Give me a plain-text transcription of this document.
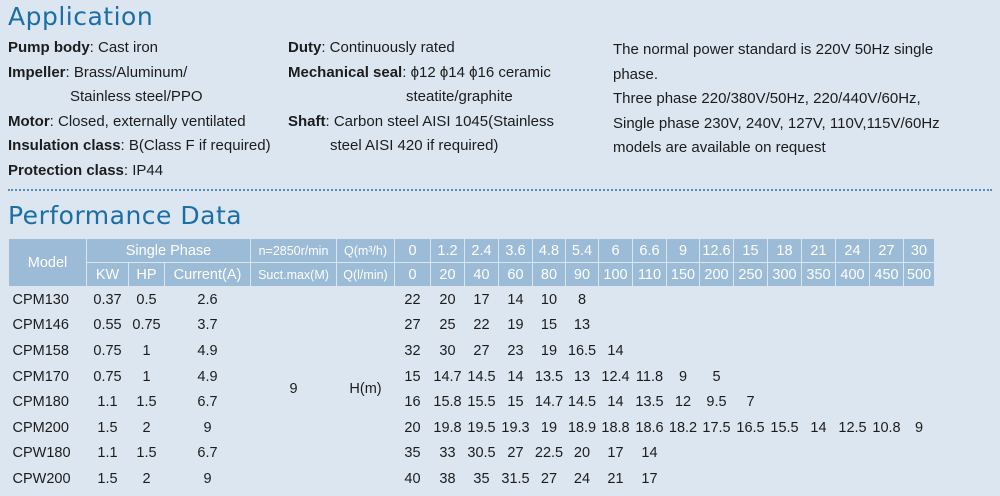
Application
Pump body: Cast iron
Impeller: Brass/Aluminum/
Stainless steel/PPO
Motor: Closed, externally ventilated
Insulation class: B(Class F if required)
Protection class: IP44
Duty: Continuously rated
Mechanical seal: ϕ12 ϕ14 ϕ16 ceramic
steatite/graphite
Shaft: Carbon steel AISI 1045(Stainless
steel AISI 420 if required)
The normal power standard is 220V 50Hz single
phase.
Three phase 220/380V/50Hz, 220/440V/60Hz,
Single phase 230V, 240V, 127V, 110V,115V/60Hz
models are available on request
Performance Data
Model	Single Phase			n=2850r/min	Q(m³/h)	0	1.2	2.4	3.6	4.8	5.4	6	6.6	9	12.6	15	18	21	24	27	30
	KW	HP	Current(A)	Suct.max(M)	Q(l/min)	0	20	40	60	80	90	100	110	150	200	250	300	350	400	450	500
CPM130	0.37	0.5	2.6	9	H(m)	22	20	17	14	10	8										
CPM146	0.55	0.75	3.7			27	25	22	19	15	13										
CPM158	0.75	1	4.9			32	30	27	23	19	16.5	14									
CPM170	0.75	1	4.9			15	14.7	14.5	14	13.5	13	12.4	11.8	9	5						
CPM180	1.1	1.5	6.7			16	15.8	15.5	15	14.7	14.5	14	13.5	12	9.5	7					
CPM200	1.5	2	9			20	19.8	19.5	19.3	19	18.9	18.8	18.6	18.2	17.5	16.5	15.5	14	12.5	10.8	9
CPW180	1.1	1.5	6.7			35	33	30.5	27	22.5	20	17	14								
CPW200	1.5	2	9			40	38	35	31.5	27	24	21	17								
